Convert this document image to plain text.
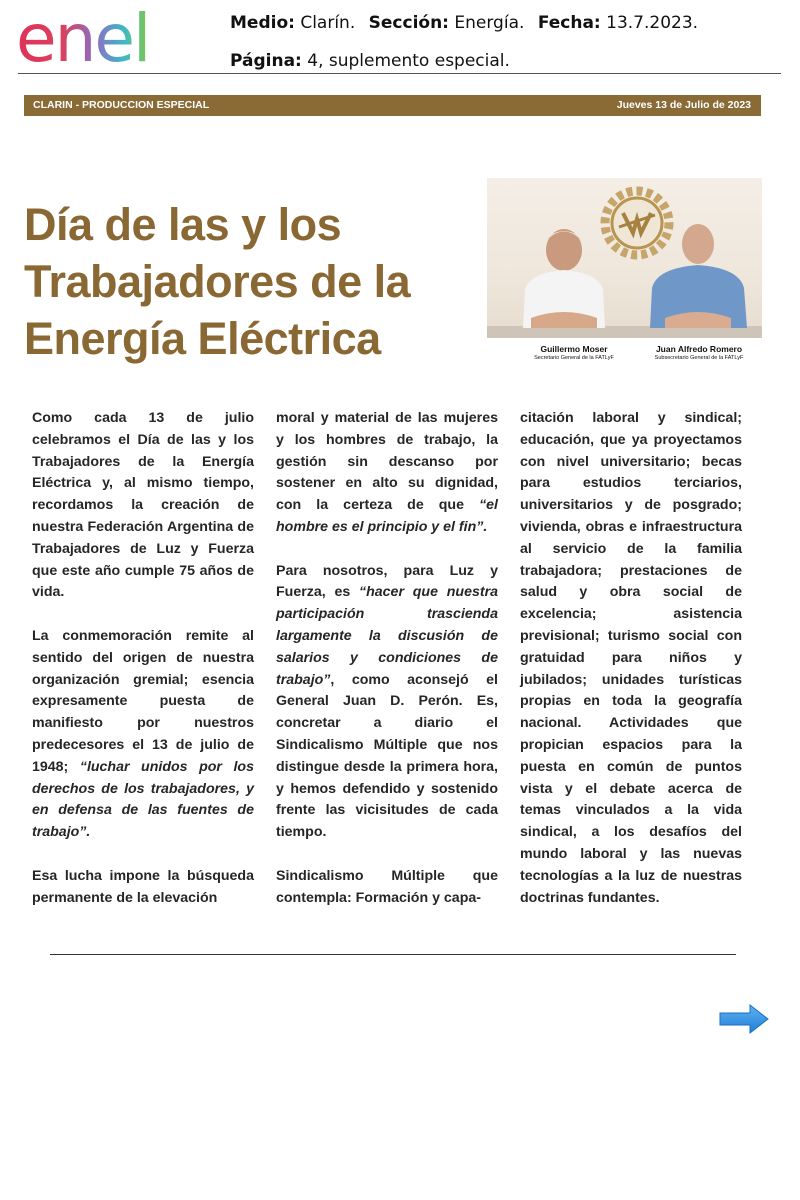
enel	Medio: Clarín. Sección: Energía. Fecha: 13.7.2023.
Página: 4, suplemento especial.
CLARIN - PRODUCCION ESPECIAL	Jueves 13 de Julio de 2023
Día de las y los
Trabajadores de la
Energía Eléctrica	Guillermo Moser
Secretario General de la FATLyF
Juan Alfredo Romero
Subsecretario General de la FATLyF

Como cada 13 de julio celebramos el Día de las y los Trabajadores de la Energía Eléctrica y, al mismo tiempo, recordamos la creación de nuestra Federación Argentina de Trabajadores de Luz y Fuerza que este año cumple 75 años de vida.

La conmemoración remite al sentido del origen de nuestra organización gremial; esencia expresamente puesta de manifiesto por nuestros predecesores el 13 de julio de 1948; “luchar unidos por los derechos de los trabajadores, y en defensa de las fuentes de trabajo”.

Esa lucha impone la búsqueda permanente de la elevación

moral y material de las mujeres y los hombres de trabajo, la gestión sin descanso por sostener en alto su dignidad, con la certeza de que “el hombre es el principio y el fin”.

Para nosotros, para Luz y Fuerza, es “hacer que nuestra participación trascienda largamente la discusión de salarios y condiciones de trabajo”, como aconsejó el General Juan D. Perón. Es, concretar a diario el Sindicalismo Múltiple que nos distingue desde la primera hora, y hemos defendido y sostenido frente las vicisitudes de cada tiempo.

Sindicalismo Múltiple que contempla: Formación y capa-

citación laboral y sindical; educación, que ya proyectamos con nivel universitario; becas para estudios terciarios, universitarios y de posgrado; vivienda, obras e infraestructura al servicio de la familia trabajadora; prestaciones de salud y obra social de excelencia; asistencia previsional; turismo social con gratuidad para niños y jubilados; unidades turísticas propias en toda la geografía nacional. Actividades que propician espacios para la puesta en común de puntos vista y el debate acerca de temas vinculados a la vida sindical, a los desafíos del mundo laboral y las nuevas tecnologías a la luz de nuestras doctrinas fundantes.
